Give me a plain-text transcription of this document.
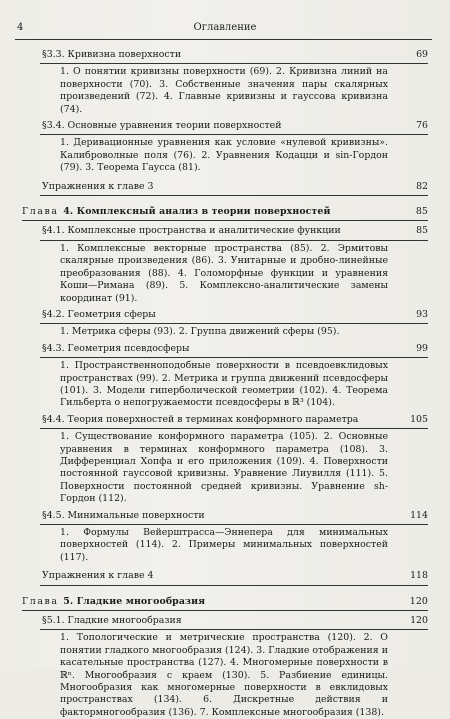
4	Оглавление
§3.3. Кривизна поверхности	69
1. О понятии кривизны поверхности (69). 2. Кривизна линий на поверхности (70). 3. Собственные значения пары скалярных произведений (72). 4. Главные кривизны и гауссова кривизна (74).
§3.4. Основные уравнения теории поверхностей	76
1. Деривационные уравнения как условие «нулевой кривизны». Калиброволные поля (76). 2. Уравнения Кодацци и sin-Гордон (79). 3. Теорема Гаусса (81).
Упражнения к главе 3	82
Глава 4. Комплексный анализ в теории поверхностей	85
§4.1. Комплексные пространства и аналитические функции	85
1. Комплексные векторные пространства (85). 2. Эрмитовы скалярные произведения (86). 3. Унитарные и дробно-линейные преобразования (88). 4. Голоморфные функции и уравнения Коши—Римана (89). 5. Комплексно-аналитические замены координат (91).
§4.2. Геометрия сферы	93
1. Метрика сферы (93). 2. Группа движений сферы (95).
§4.3. Геометрия псевдосферы	99
1. Пространственноподобные поверхности в псевдоевклидовых пространствах (99). 2. Метрика и группа движений псевдосферы (101). 3. Модели гиперболической геометрии (102). 4. Теорема Гильберта о непогружаемости псевдосферы в ℝ³ (104).
§4.4. Теория поверхностей в терминах конформного параметра	105
1. Существование конформного параметра (105). 2. Основные уравнения в терминах конформного параметра (108). 3. Дифференциал Хопфа и его приложения (109). 4. Поверхности постоянной гауссовой кривизны. Уравнение Лиувилля (111). 5. Поверхности постоянной средней кривизны. Уравнение sh-Гордон (112).
§4.5. Минимальные поверхности	114
1. Формулы Вейерштрасса—Эннепера для минимальных поверхностей (114). 2. Примеры минимальных поверхностей (117).
Упражнения к главе 4	118
Глава 5. Гладкие многообразия	120
§5.1. Гладкие многообразия	120
1. Топологические и метрические пространства (120). 2. О понятии гладкого многообразия (124). 3. Гладкие отображения и касательные пространства (127). 4. Многомерные поверхности в ℝⁿ. Многообразия с краем (130). 5. Разбиение единицы. Многообразия как многомерные поверхности в евклидовых пространствах (134). 6. Дискретные действия и фактормногообразия (136). 7. Комплексные многообразия (138).
